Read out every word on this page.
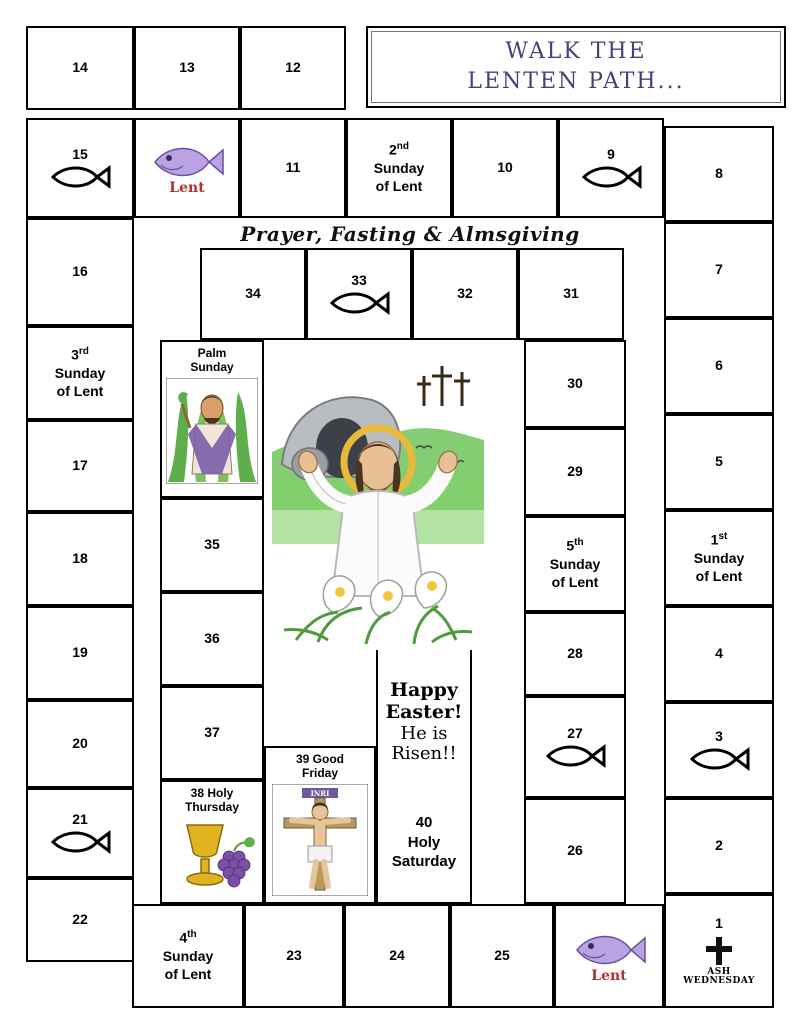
WALK THE
LENTEN PATH...
14	13	12
15
Lent
11
2nd
Sunday
of Lent
10
9
8
7
6
5
1st
Sunday
of Lent
4
3
2
1
ASH
WEDNESDAY
16
3rd
Sunday
of Lent
17
18
19
20
21
22
Prayer, Fasting & Almsgiving
34
33
32	31
30
29
5th
Sunday
of Lent
28
27
26
Palm
Sunday
35
36
37
38 Holy
Thursday
39 Good
Friday
INRI
Happy
Easter!
He is
Risen!!
40
Holy
Saturday
4th
Sunday
of Lent
23	24	25
Lent
